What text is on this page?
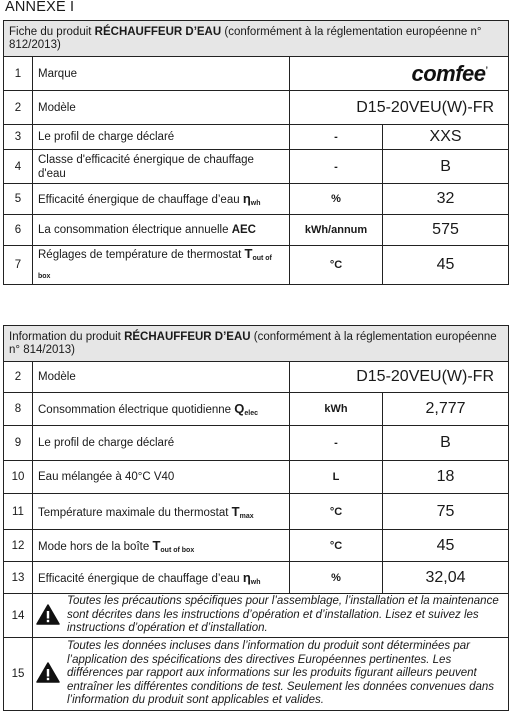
ANNEXE I
Fiche du produit RÉCHAUFFEUR D’EAU (conformément à la réglementation européenne n° 812/2013)			
1	Marque	comfee’
2	Modèle	D15-20VEU(W)-FR	
3	Le profil de charge déclaré	-	XXS
4	Classe d'efficacité énergique de chauffage d'eau	-	B
5	Efficacité énergique de chauffage d’eau $\eta_{wh}$	%	32
6	La consommation électrique annuelle AEC	kWh/annum	575
7	Réglages de température de thermostat $T_{out of box}$	°C	45
Information du produit RÉCHAUFFEUR D’EAU (conformément à la réglementation européenne n° 814/2013)			
2	Modèle	D15-20VEU(W)-FR	
8	Consommation électrique quotidienne $Q_{elec}$	kWh	2,777
9	Le profil de charge déclaré	-	B
10	Eau mélangée à 40°C V40	L	18
11	Température maximale du thermostat $T_{max}$	°C	75
12	Mode hors de la boîte $T_{out of box}$	°C	45
13	Efficacité énergique de chauffage d’eau $\eta_{wh}$	%	32,04
14	Toutes les précautions spécifiques pour l’assemblage, l’installation et la maintenance sont décrites dans les instructions d’opération et d’installation. Lisez et suivez les instructions d’opération et d’installation.		

15	Toutes les données incluses dans l’information du produit sont déterminées par l’application des spécifications des directives Européennes pertinentes. Les différences par rapport aux informations sur les produits figurant ailleurs peuvent entraîner les différentes conditions de test. Seulement les données convenues dans l’information du produit sont applicables et valides.		
